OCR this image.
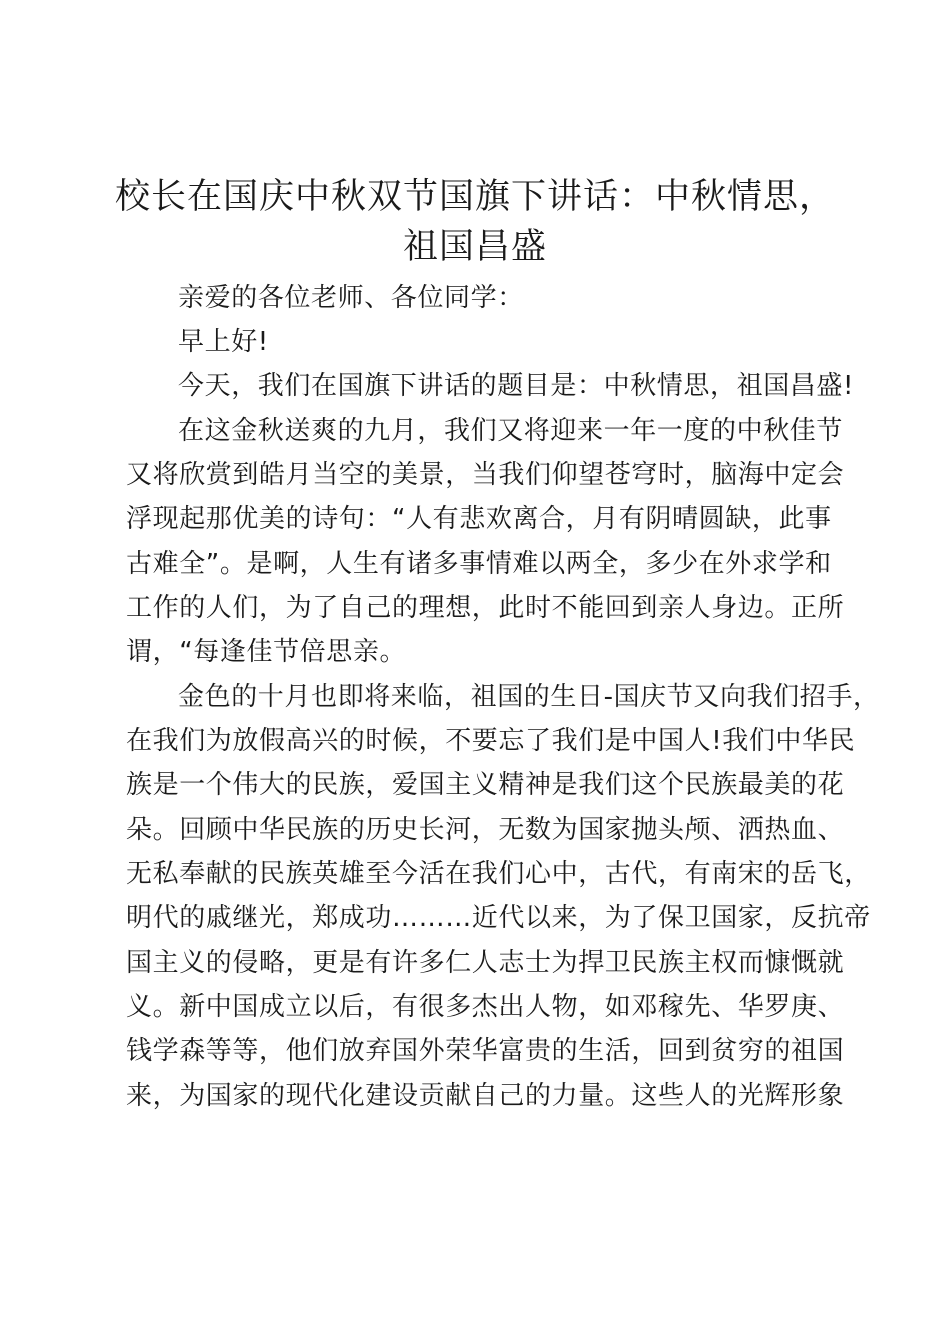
校长在国庆中秋双节国旗下讲话：中秋情思，
祖国昌盛
亲爱的各位老师、各位同学：
早上好!
今天，我们在国旗下讲话的题目是：中秋情思，祖国昌盛!
在这金秋送爽的九月，我们又将迎来一年一度的中秋佳节
又将欣赏到皓月当空的美景，当我们仰望苍穹时，脑海中定会
浮现起那优美的诗句：“人有悲欢离合，月有阴晴圆缺，此事
古难全”。是啊，人生有诸多事情难以两全，多少在外求学和
工作的人们，为了自己的理想，此时不能回到亲人身边。正所
谓，“每逢佳节倍思亲。
金色的十月也即将来临，祖国的生日-国庆节又向我们招手，
在我们为放假高兴的时候，不要忘了我们是中国人!我们中华民
族是一个伟大的民族，爱国主义精神是我们这个民族最美的花
朵。回顾中华民族的历史长河，无数为国家抛头颅、洒热血、
无私奉献的民族英雄至今活在我们心中，古代，有南宋的岳飞，
明代的戚继光，郑成功………近代以来，为了保卫国家，反抗帝
国主义的侵略，更是有许多仁人志士为捍卫民族主权而慷慨就
义。新中国成立以后，有很多杰出人物，如邓稼先、华罗庚、
钱学森等等，他们放弃国外荣华富贵的生活，回到贫穷的祖国
来，为国家的现代化建设贡献自己的力量。这些人的光辉形象
